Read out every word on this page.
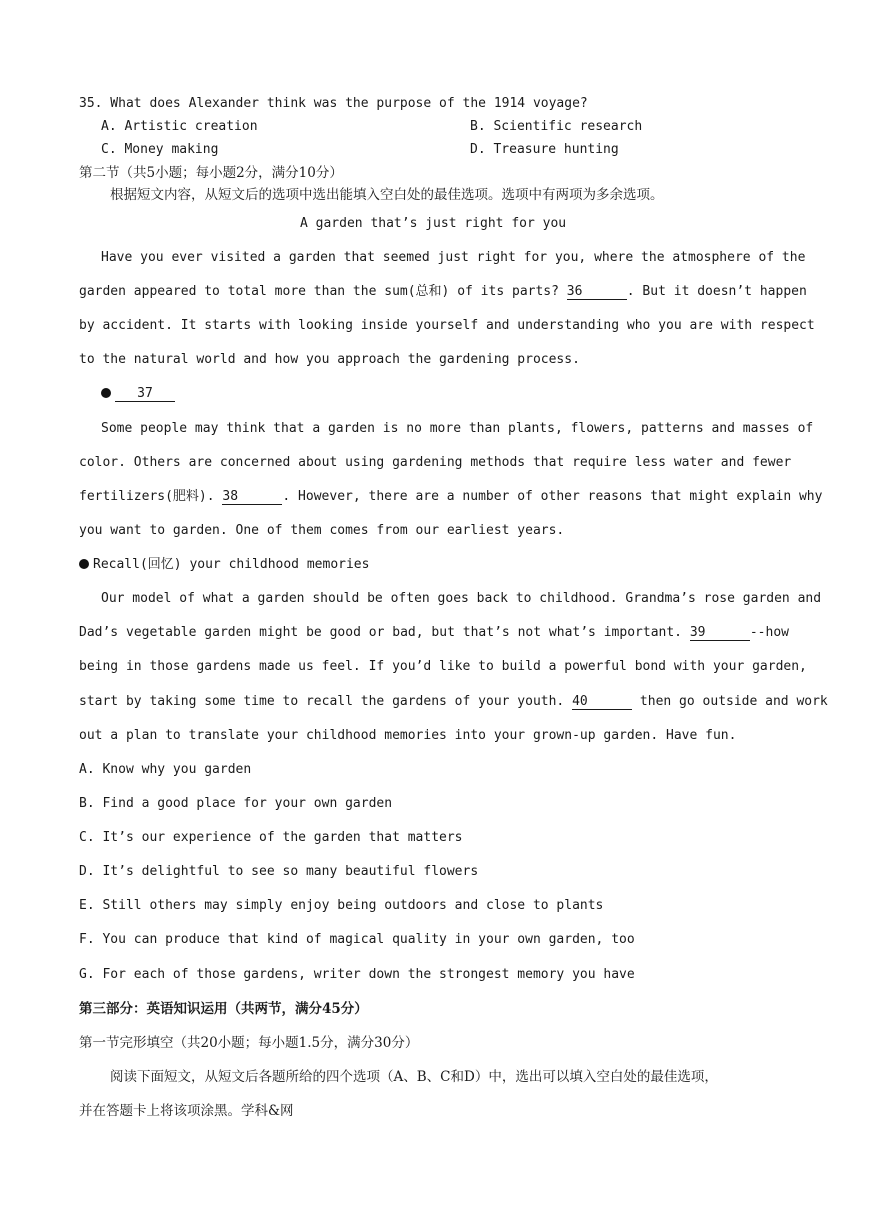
35. What does Alexander think was the purpose of the 1914 voyage?
A. Artistic creation	B. Scientific research
C. Money making	D. Treasure hunting
第二节（共5小题；每小题2分，满分10分）
根据短文内容，从短文后的选项中选出能填入空白处的最佳选项。选项中有两项为多余选项。
A garden that’s just right for you
Have you ever visited a garden that seemed just right for you, where the atmosphere of the
garden appeared to total more than the sum(总和) of its parts? 36	. But it doesn’t happen
by accident. It starts with looking inside yourself and understanding who you are with respect
to the natural world and how you approach the gardening process.
37
Some people may think that a garden is no more than plants, flowers, patterns and masses of
color. Others are concerned about using gardening methods that require less water and fewer
fertilizers(肥料). 38	. However, there are a number of other reasons that might explain why
you want to garden. One of them comes from our earliest years.
Recall(回忆) your childhood memories
Our model of what a garden should be often goes back to childhood. Grandma’s rose garden and
Dad’s vegetable garden might be good or bad, but that’s not what’s important. 39	--how
being in those gardens made us feel. If you’d like to build a powerful bond with your garden,
start by taking some time to recall the gardens of your youth. 40	then go outside and work
out a plan to translate your childhood memories into your grown-up garden. Have fun.
A. Know why you garden
B. Find a good place for your own garden
C. It’s our experience of the garden that matters
D. It’s delightful to see so many beautiful flowers
E. Still others may simply enjoy being outdoors and close to plants
F. You can produce that kind of magical quality in your own garden, too
G. For each of those gardens, writer down the strongest memory you have
第三部分：英语知识运用（共两节，满分45分）
第一节完形填空（共20小题；每小题1.5分，满分30分）
阅读下面短文，从短文后各题所给的四个选项（A、B、C和D）中，选出可以填入空白处的最佳选项，
并在答题卡上将该项涂黑。学科&网
